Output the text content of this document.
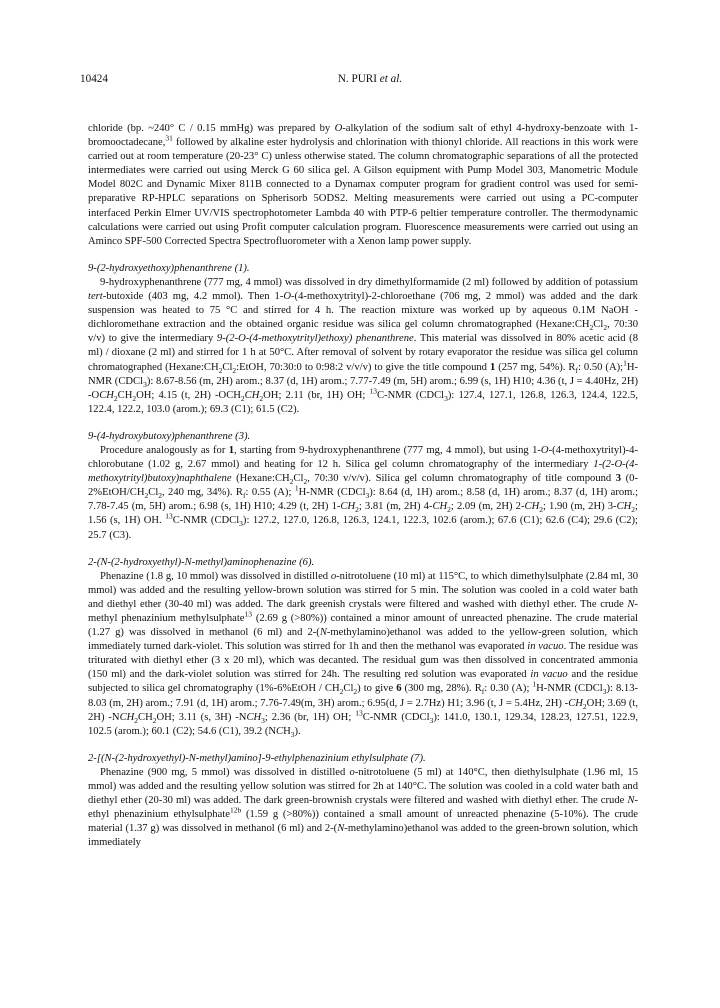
10424	N. PURI et al.

chloride (bp. ~240° C / 0.15 mmHg) was prepared by O-alkylation of the sodium salt of ethyl 4-hydroxy-benzoate with 1-bromooctadecane,$^{31}$ followed by alkaline ester hydrolysis and chlorination with thionyl chloride. All reactions in this work were carried out at room temperature (20-23° C) unless otherwise stated. The column chromatographic separations of all the protected intermediates were carried out using Merck G 60 silica gel. A Gilson equipment with Pump Model 303, Manometric Module Model 802C and Dynamic Mixer 811B connected to a Dynamax computer program for gradient control was used for semi-preparative RP-HPLC separations on Spherisorb 5ODS2. Melting measurements were carried out using a PC-computer interfaced Perkin Elmer UV/VIS spectrophotometer Lambda 40 with PTP-6 peltier temperature controller. The thermodynamic calculations were carried out using Profit computer calculation program. Fluorescence measurements were carried out using an Aminco SPF-500 Corrected Spectra Spectrofluorometer with a Xenon lamp power supply.

9-(2-hydroxyethoxy)phenanthrene (1).

9-hydroxyphenanthrene (777 mg, 4 mmol) was dissolved in dry dimethylformamide (2 ml) followed by addition of potassium tert-butoxide (403 mg, 4.2 mmol). Then 1-O-(4-methoxytrityl)-2-chloroethane (706 mg, 2 mmol) was added and the dark suspension was heated to 75 °C and stirred for 4 h. The reaction mixture was worked up by aqueous 0.1M NaOH - dichloromethane extraction and the obtained organic residue was silica gel column chromatographed ($Hexane:CH_2Cl_2$, 70:30 v/v) to give the intermediary 9-(2-O-(4-methoxytrityl)ethoxy) phenanthrene. This material was dissolved in 80% acetic acid (8 ml) / dioxane (2 ml) and stirred for 1 h at 50°C. After removal of solvent by rotary evaporator the residue was silica gel column chromatographed ($Hexane:CH_2Cl_2:EtOH$, 70:30:0 to 0:98:2 v/v/v) to give the title compound 1 (257 mg, 54%). $R_f$: 0.50 (A);$^1$H-NMR (CDCl$_3$): 8.67-8.56 (m, 2H) arom.; 8.37 (d, 1H) arom.; 7.77-7.49 (m, 5H) arom.; 6.99 (s, 1H) H10; 4.36 (t, J = 4.40Hz, 2H) $-OCH_2CH_2OH$; 4.15 (t, 2H) $-OCH_2CH_2OH$; 2.11 (br, 1H) OH; $^{13}$C-NMR (CDCl$_3$): 127.4, 127.1, 126.8, 126.3, 124.4, 122.5, 122.4, 122.2, 103.0 (arom.); 69.3 (C1); 61.5 (C2).

9-(4-hydroxybutoxy)phenanthrene (3).

Procedure analogously as for 1, starting from 9-hydroxyphenanthrene (777 mg, 4 mmol), but using 1-O-(4-methoxytrityl)-4-chlorobutane (1.02 g, 2.67 mmol) and heating for 12 h. Silica gel column chromatography of the intermediary 1-(2-O-(4-methoxytrityl)butoxy)naphthalene ($Hexane:CH_2Cl_2$, 70:30 v/v/v). Silica gel column chromatography of title compound 3 ($0-2\%EtOH/CH_2Cl_2$, 240 mg, 34%). $R_f$: 0.55 (A); $^1$H-NMR (CDCl$_3$): 8.64 (d, 1H) arom.; 8.58 (d, 1H) arom.; 8.37 (d, 1H) arom.; 7.78-7.45 (m, 5H) arom.; 6.98 (s, 1H) H10; 4.29 (t, 2H) $1-CH_2$; 3.81 (m, 2H) $4-CH_2$; 2.09 (m, 2H) $2-CH_2$; 1.90 (m, 2H) $3-CH_2$; 1.56 (s, 1H) OH. $^{13}$C-NMR (CDCl$_3$): 127.2, 127.0, 126.8, 126.3, 124.1, 122.3, 102.6 (arom.); 67.6 (C1); 62.6 (C4); 29.6 (C2); 25.7 (C3).

2-(N-(2-hydroxyethyl)-N-methyl)aminophenazine (6).

Phenazine (1.8 g, 10 mmol) was dissolved in distilled o-nitrotoluene (10 ml) at 115°C, to which dimethylsulphate (2.84 ml, 30 mmol) was added and the resulting yellow-brown solution was stirred for 5 min. The solution was cooled in a cold water bath and diethyl ether (30-40 ml) was added. The dark greenish crystals were filtered and washed with diethyl ether. The crude N-methyl phenazinium methylsulphate$^{13}$ (2.69 g (>80%)) contained a minor amount of unreacted phenazine. The crude material (1.27 g) was dissolved in methanol (6 ml) and 2-(N-methylamino)ethanol was added to the yellow-green solution, which immediately turned dark-violet. This solution was stirred for 1h and then the methanol was evaporated in vacuo. The residue was triturated with diethyl ether (3 x 20 ml), which was decanted. The residual gum was then dissolved in concentrated ammonia (150 ml) and the dark-violet solution was stirred for 24h. The resulting red solution was evaporated in vacuo and the residue subjected to silica gel chromatography (1%-6%EtOH / $CH_2Cl_2$) to give 6 (300 mg, 28%). $R_f$: 0.30 (A); $^1$H-NMR (CDCl$_3$): 8.13-8.03 (m, 2H) arom.; 7.91 (d, 1H) arom.; 7.76-7.49(m, 3H) arom.; 6.95(d, J = 2.7Hz) H1; 3.96 (t, J = 5.4Hz, 2H) $-CH_2OH$; 3.69 (t, 2H) $-NCH_2CH_2OH$; 3.11 (s, 3H) $-NCH_3$; 2.36 (br, 1H) OH; $^{13}$C-NMR (CDCl$_3$): 141.0, 130.1, 129.34, 128.23, 127.51, 122.9, 102.5 (arom.); 60.1 (C2); 54.6 (C1), 39.2 $(NCH_3)$.

2-[(N-(2-hydroxyethyl)-N-methyl)amino]-9-ethylphenazinium ethylsulphate (7).

Phenazine (900 mg, 5 mmol) was dissolved in distilled o-nitrotoluene (5 ml) at 140°C, then diethylsulphate (1.96 ml, 15 mmol) was added and the resulting yellow solution was stirred for 2h at 140°C. The solution was cooled in a cold water bath and diethyl ether (20-30 ml) was added. The dark green-brownish crystals were filtered and washed with diethyl ether. The crude N-ethyl phenazinium ethylsulphate$^{12b}$ (1.59 g (>80%)) contained a small amount of unreacted phenazine (5-10%). The crude material (1.37 g) was dissolved in methanol (6 ml) and 2-(N-methylamino)ethanol was added to the green-brown solution, which immediately
